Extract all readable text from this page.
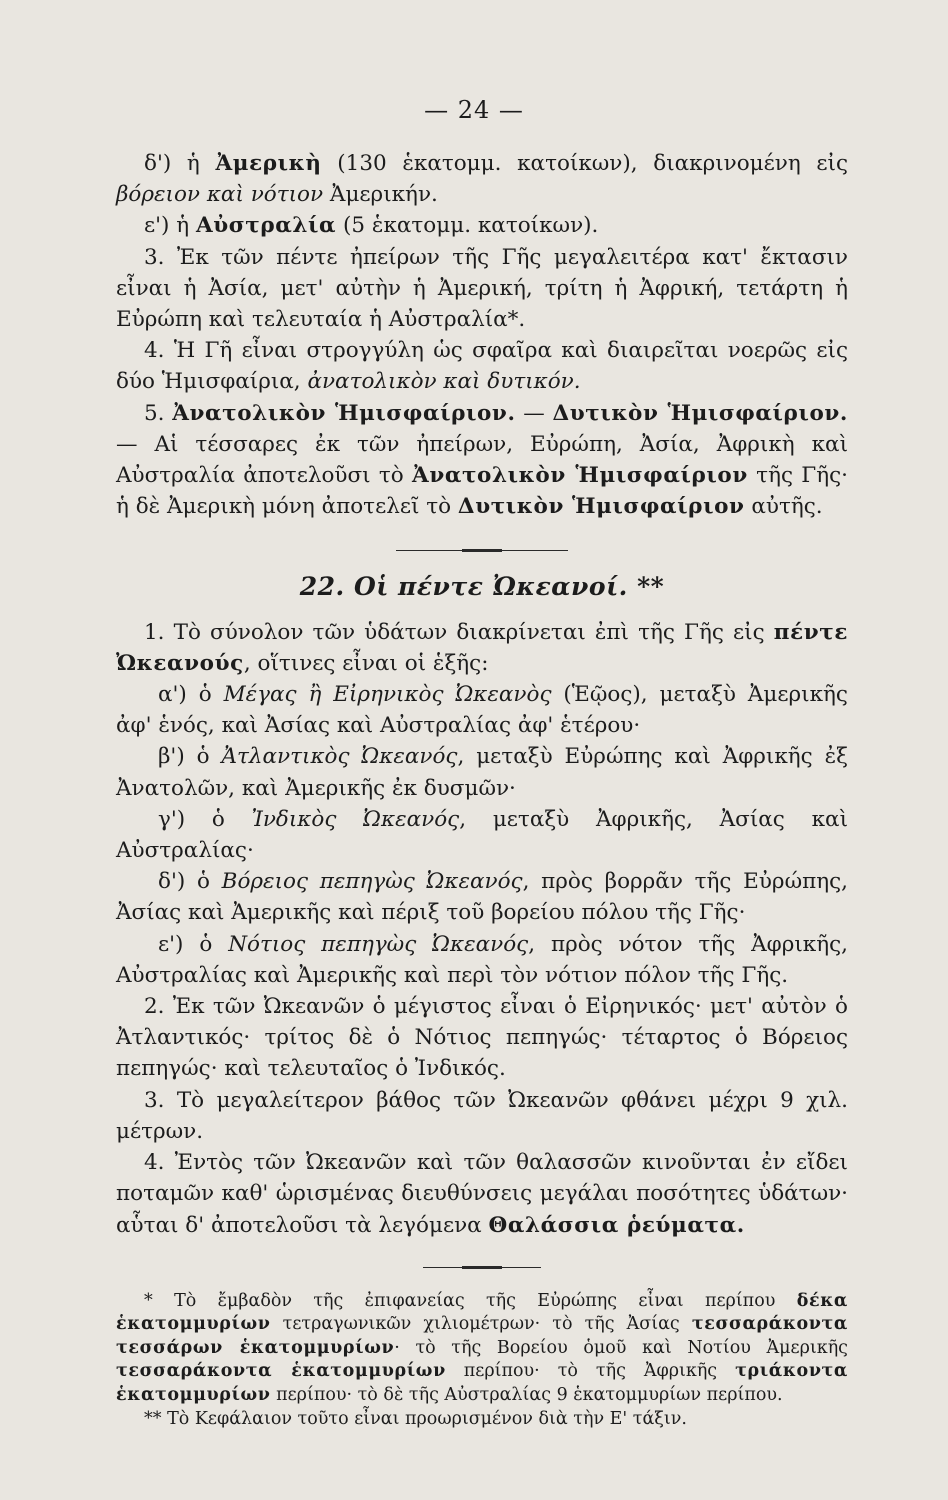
— 24 —

δ') ἡ Ἀμερικὴ (130 ἑκατομμ. κατοίκων), διακρινομένη εἰς βόρειον καὶ νότιον Ἀμερικήν.

ε') ἡ Αὐστραλία (5 ἑκατομμ. κατοίκων).

3. Ἐκ τῶν πέντε ἠπείρων τῆς Γῆς μεγαλειτέρα κατ' ἔκτασιν εἶναι ἡ Ἀσία, μετ' αὐτὴν ἡ Ἀμερική, τρίτη ἡ Ἀφρική, τετάρτη ἡ Εὐρώπη καὶ τελευταία ἡ Αὐστραλία*.

4. Ἡ Γῆ εἶναι στρογγύλη ὡς σφαῖρα καὶ διαιρεῖται νοερῶς εἰς δύο Ἡμισφαίρια, ἀνατολικὸν καὶ δυτικόν.

5. Ἀνατολικὸν Ἡμισφαίριον. — Δυτικὸν Ἡμισφαίριον. — Αἱ τέσσαρες ἐκ τῶν ἠπείρων, Εὐρώπη, Ἀσία, Ἀφρικὴ καὶ Αὐστραλία ἀποτελοῦσι τὸ Ἀνατολικὸν Ἡμισφαίριον τῆς Γῆς· ἡ δὲ Ἀμερικὴ μόνη ἀποτελεῖ τὸ Δυτικὸν Ἡμισφαίριον αὐτῆς.

22. Οἱ πέντε Ὠκεανοί. **

1. Τὸ σύνολον τῶν ὑδάτων διακρίνεται ἐπὶ τῆς Γῆς εἰς πέντε Ὠκεανούς, οἵτινες εἶναι οἱ ἑξῆς:

α') ὁ Μέγας ἢ Εἰρηνικὸς Ὠκεανὸς (Ἑῷος), μεταξὺ Ἀμερικῆς ἀφ' ἑνός, καὶ Ἀσίας καὶ Αὐστραλίας ἀφ' ἑτέρου·

β') ὁ Ἀτλαντικὸς Ὠκεανός, μεταξὺ Εὐρώπης καὶ Ἀφρικῆς ἐξ Ἀνατολῶν, καὶ Ἀμερικῆς ἐκ δυσμῶν·

γ') ὁ Ἰνδικὸς Ὠκεανός, μεταξὺ Ἀφρικῆς, Ἀσίας καὶ Αὐστραλίας·

δ') ὁ Βόρειος πεπηγὼς Ὠκεανός, πρὸς βορρᾶν τῆς Εὐρώπης, Ἀσίας καὶ Ἀμερικῆς καὶ πέριξ τοῦ βορείου πόλου τῆς Γῆς·

ε') ὁ Νότιος πεπηγὼς Ὠκεανός, πρὸς νότον τῆς Ἀφρικῆς, Αὐστραλίας καὶ Ἀμερικῆς καὶ περὶ τὸν νότιον πόλον τῆς Γῆς.

2. Ἐκ τῶν Ὠκεανῶν ὁ μέγιστος εἶναι ὁ Εἰρηνικός· μετ' αὐτὸν ὁ Ἀτλαντικός· τρίτος δὲ ὁ Νότιος πεπηγώς· τέταρτος ὁ Βόρειος πεπηγώς· καὶ τελευταῖος ὁ Ἰνδικός.

3. Τὸ μεγαλείτερον βάθος τῶν Ὠκεανῶν φθάνει μέχρι 9 χιλ. μέτρων.

4. Ἐντὸς τῶν Ὠκεανῶν καὶ τῶν θαλασσῶν κινοῦνται ἐν εἴδει ποταμῶν καθ' ὡρισμένας διευθύνσεις μεγάλαι ποσότητες ὑδάτων· αὗται δ' ἀποτελοῦσι τὰ λεγόμενα Θαλάσσια ῥεύματα.

* Τὸ ἔμβαδὸν τῆς ἐπιφανείας τῆς Εὐρώπης εἶναι περίπου δέκα ἑκατομμυρίων τετραγωνικῶν χιλιομέτρων· τὸ τῆς Ἀσίας τεσσαράκοντα τεσσάρων ἑκατομμυρίων· τὸ τῆς Βορείου ὁμοῦ καὶ Νοτίου Ἀμερικῆς τεσσαράκοντα ἑκατομμυρίων περίπου· τὸ τῆς Ἀφρικῆς τριάκοντα ἑκατομμυρίων περίπου· τὸ δὲ τῆς Αὐστραλίας 9 ἑκατομμυρίων περίπου.

** Τὸ Κεφάλαιον τοῦτο εἶναι προωρισμένον διὰ τὴν Ε' τάξιν.
